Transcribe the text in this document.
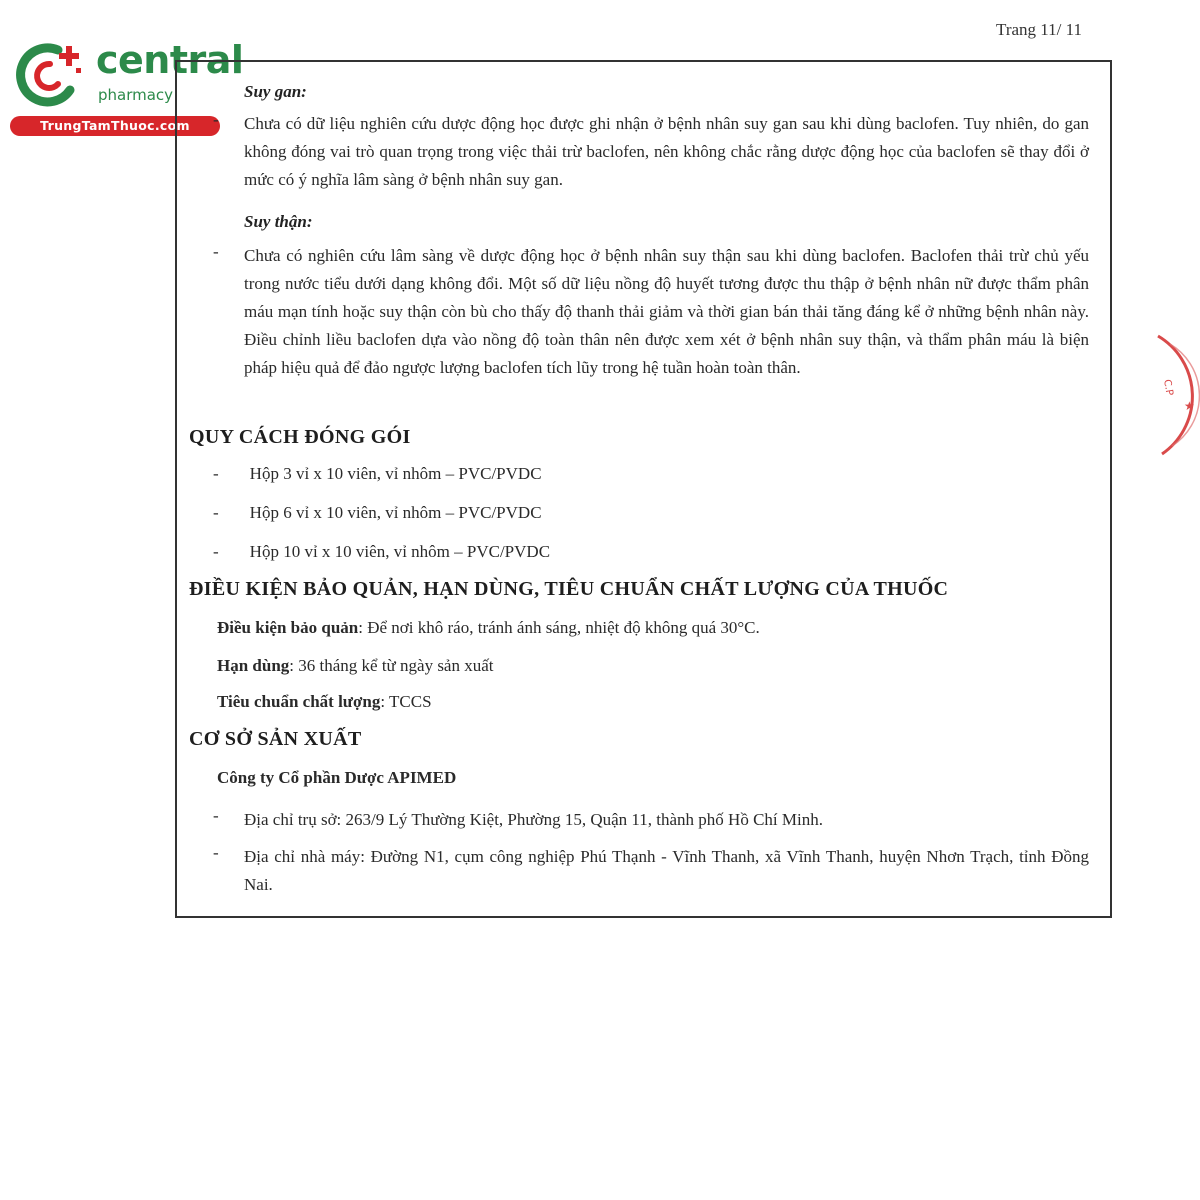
Trang 11/ 11
central
pharmacy
TrungTamThuoc.com
Suy gan:
- Chưa có dữ liệu nghiên cứu dược động học được ghi nhận ở bệnh nhân suy gan sau khi dùng baclofen. Tuy nhiên, do gan không đóng vai trò quan trọng trong việc thải trừ baclofen, nên không chắc rằng dược động học của baclofen sẽ thay đổi ở mức có ý nghĩa lâm sàng ở bệnh nhân suy gan.
Suy thận:
- Chưa có nghiên cứu lâm sàng về dược động học ở bệnh nhân suy thận sau khi dùng baclofen. Baclofen thải trừ chủ yếu trong nước tiểu dưới dạng không đổi. Một số dữ liệu nồng độ huyết tương được thu thập ở bệnh nhân nữ được thẩm phân máu mạn tính hoặc suy thận còn bù cho thấy độ thanh thải giảm và thời gian bán thải tăng đáng kể ở những bệnh nhân này. Điều chỉnh liều baclofen dựa vào nồng độ toàn thân nên được xem xét ở bệnh nhân suy thận, và thẩm phân máu là biện pháp hiệu quả để đảo ngược lượng baclofen tích lũy trong hệ tuần hoàn toàn thân.
QUY CÁCH ĐÓNG GÓI
- Hộp 3 vỉ x 10 viên, vỉ nhôm – PVC/PVDC
- Hộp 6 vỉ x 10 viên, vỉ nhôm – PVC/PVDC
- Hộp 10 vỉ x 10 viên, vỉ nhôm – PVC/PVDC
ĐIỀU KIỆN BẢO QUẢN, HẠN DÙNG, TIÊU CHUẨN CHẤT LƯỢNG CỦA THUỐC
Điều kiện bảo quản: Để nơi khô ráo, tránh ánh sáng, nhiệt độ không quá 30°C.
Hạn dùng: 36 tháng kể từ ngày sản xuất
Tiêu chuẩn chất lượng: TCCS
CƠ SỞ SẢN XUẤT
Công ty Cổ phần Dược APIMED
- Địa chỉ trụ sở: 263/9 Lý Thường Kiệt, Phường 15, Quận 11, thành phố Hồ Chí Minh.
- Địa chỉ nhà máy: Đường N1, cụm công nghiệp Phú Thạnh - Vĩnh Thanh, xã Vĩnh Thanh, huyện Nhơn Trạch, tỉnh Đồng Nai.
C.P
★
